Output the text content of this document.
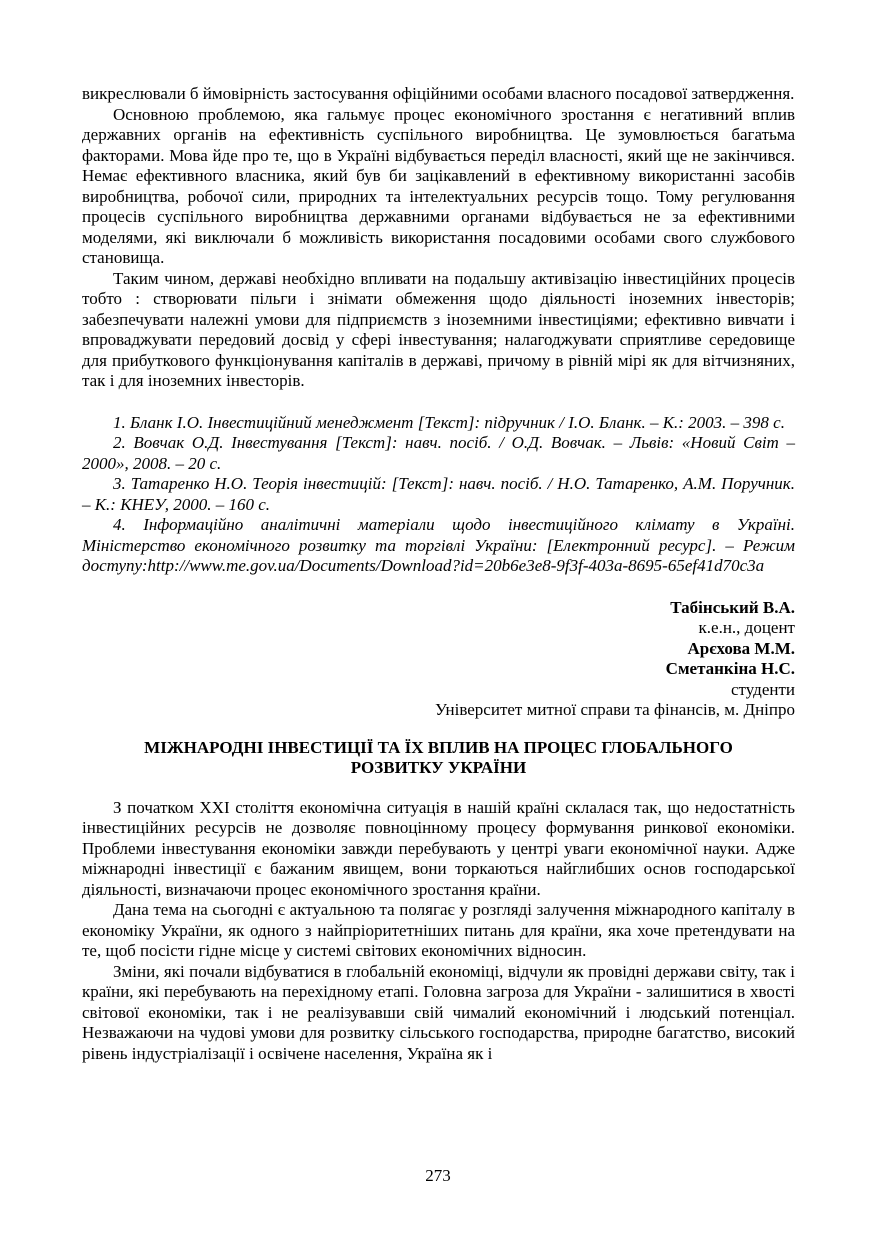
викреслювали б ймовірність застосування офіційними особами власного посадової затвердження.

Основною проблемою, яка гальмує процес економічного зростання є негативний вплив державних органів на ефективність суспільного виробництва. Це зумовлюється багатьма факторами. Мова йде про те, що в Україні відбувається переділ власності, який ще не закінчився. Немає ефективного власника, який був би зацікавлений в ефективному використанні засобів виробництва, робочої сили, природних та інтелектуальних ресурсів тощо. Тому регулювання процесів суспільного виробництва державними органами відбувається не за ефективними моделями, які виключали б можливість використання посадовими особами свого службового становища.

Таким чином, державі необхідно впливати на подальшу активізацію інвестиційних процесів тобто : створювати пільги і знімати обмеження щодо діяльності іноземних інвесторів; забезпечувати належні умови для підприємств з іноземними інвестиціями; ефективно вивчати і впроваджувати передовий досвід у сфері інвестування; налагоджувати сприятливе середовище для прибуткового функціонування капіталів в державі, причому в рівній мірі як для вітчизняних, так і для іноземних інвесторів.

1. Бланк І.О. Інвестиційний менеджмент [Текст]: підручник / І.О. Бланк. – К.: 2003. – 398 с.

2. Вовчак О.Д. Інвестування [Текст]: навч. посіб. / О.Д. Вовчак. – Львів: «Новий Світ – 2000», 2008. – 20 с.

3. Татаренко Н.О. Теорія інвестицій: [Текст]: навч. посіб. / Н.О. Татаренко, А.М. Поручник. – К.: КНЕУ, 2000. – 160 с.

4. Інформаційно аналітичні матеріали щодо інвестиційного клімату в Україні. Міністерство економічного розвитку та торгівлі України: [Електронний ресурс]. – Режим доступу:http://www.me.gov.ua/Documents/Download?id=20b6e3e8-9f3f-403a-8695-65ef41d70c3a

Табінський В.А.

к.е.н., доцент

Арєхова М.М.

Сметанкіна Н.С.

студенти

Університет митної справи та фінансів, м. Дніпро

МІЖНАРОДНІ ІНВЕСТИЦІЇ ТА ЇХ ВПЛИВ НА ПРОЦЕС ГЛОБАЛЬНОГО РОЗВИТКУ УКРАЇНИ

З початком XXI століття економічна ситуація в нашій країні склалася так, що недостатність інвестиційних ресурсів не дозволяє повноцінному процесу формування ринкової економіки. Проблеми інвестування економіки завжди перебувають у центрі уваги економічної науки. Адже міжнародні інвестиції є бажаним явищем, вони торкаються найглибших основ господарської діяльності, визначаючи процес економічного зростання країни.

Дана тема на сьогодні є актуальною та полягає у розгляді залучення міжнародного капіталу в економіку України, як одного з найпріоритетніших питань для країни, яка хоче претендувати на те, щоб посісти гідне місце у системі світових економічних відносин.

Зміни, які почали відбуватися в глобальній економіці, відчули як провідні держави світу, так і країни, які перебувають на перехідному етапі. Головна загроза для України - залишитися в хвості світової економіки, так і не реалізувавши свій чималий економічний і людський потенціал. Незважаючи на чудові умови для розвитку сільського господарства, природне багатство, високий рівень індустріалізації і освічене населення, Україна як і

273
